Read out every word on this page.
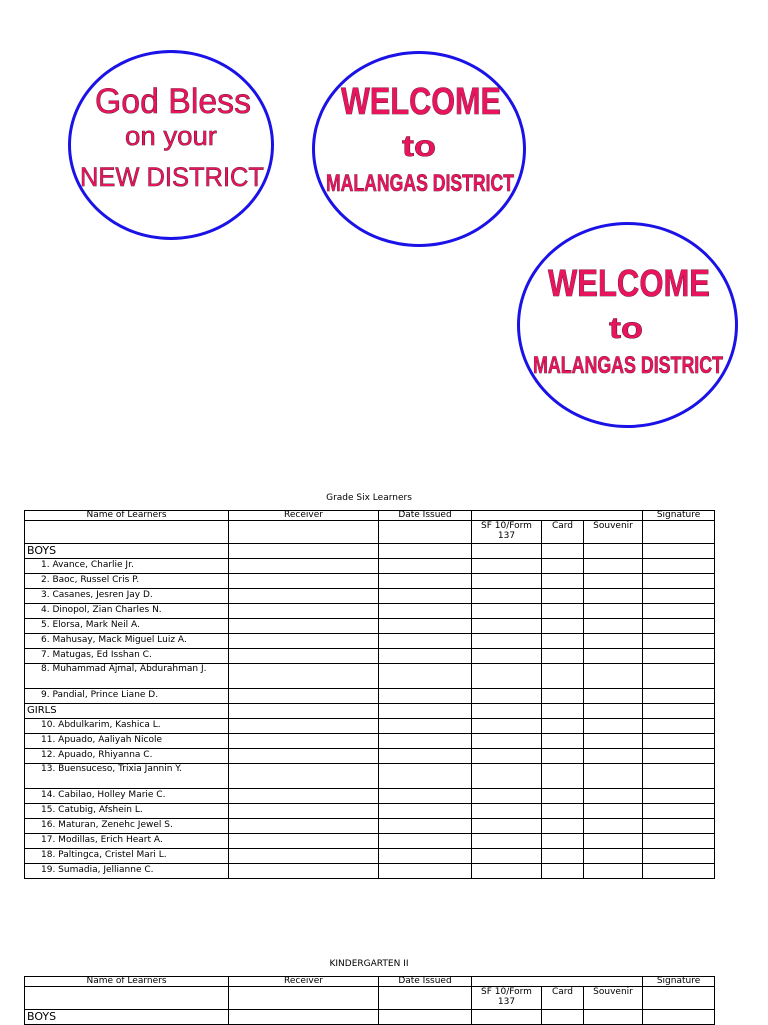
God Bless
on your
NEW DISTRICT
WELCOME
to
MALANGAS DISTRICT
WELCOME
to
MALANGAS DISTRICT
Grade Six Learners
Name of Learners	Receiver	Date Issued				Signature
			SF 10/Form 137	Card	Souvenir	
BOYS						
1. Avance, Charlie Jr.						
2. Baoc, Russel Cris P.						
3. Casanes, Jesren Jay D.						
4. Dinopol, Zian Charles N.						
5. Elorsa, Mark Neil A.						
6. Mahusay, Mack Miguel Luiz A.						
7. Matugas, Ed Isshan C.						
8. Muhammad Ajmal, Abdurahman J.						
9. Pandial, Prince Liane D.						
GIRLS						
10. Abdulkarim, Kashica L.						
11. Apuado, Aaliyah Nicole						
12. Apuado, Rhiyanna C.						
13. Buensuceso, Trixia Jannin Y.						
14. Cabilao, Holley Marie C.						
15. Catubig, Afshein L.						
16. Maturan, Zenehc Jewel S.						
17. Modillas, Erich Heart A.						
18. Paltingca, Cristel Mari L.						
19. Sumadia, Jellianne C.						
KINDERGARTEN II
Name of Learners	Receiver	Date Issued				Signature
			SF 10/Form 137	Card	Souvenir	
BOYS						
